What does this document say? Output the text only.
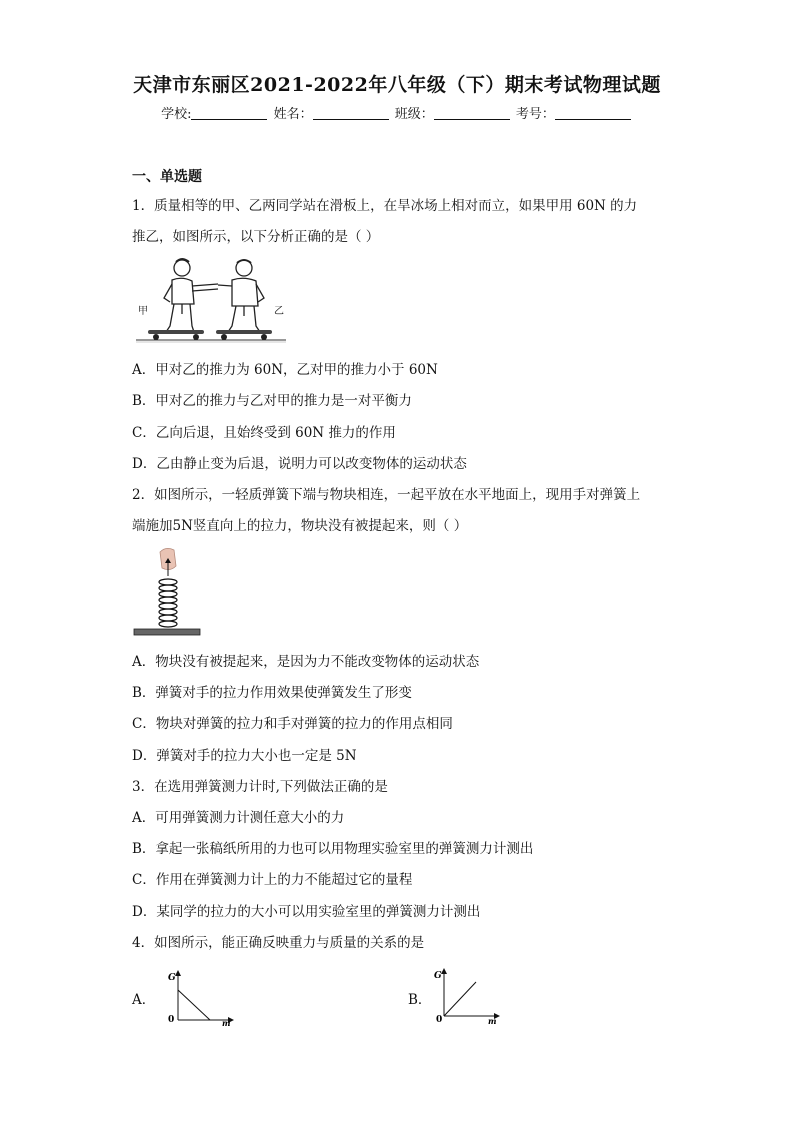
天津市东丽区2021-2022年八年级（下）期末考试物理试题
学校:	姓名：	班级：	考号：
一、单选题
1．质量相等的甲、乙两同学站在滑板上，在旱冰场上相对而立，如果甲用 60N 的力
推乙，如图所示，以下分析正确的是（ ）
甲	乙
A．甲对乙的推力为 60N，乙对甲的推力小于 60N
B．甲对乙的推力与乙对甲的推力是一对平衡力
C．乙向后退，且始终受到 60N 推力的作用
D．乙由静止变为后退，说明力可以改变物体的运动状态
2．如图所示，一轻质弹簧下端与物块相连，一起平放在水平地面上，现用手对弹簧上
端施加5N竖直向上的拉力，物块没有被提起来，则（ ）
A．物块没有被提起来，是因为力不能改变物体的运动状态
B．弹簧对手的拉力作用效果使弹簧发生了形变
C．物块对弹簧的拉力和手对弹簧的拉力的作用点相同
D．弹簧对手的拉力大小也一定是 5N
3．在选用弹簧测力计时,下列做法正确的是
A．可用弹簧测力计测任意大小的力
B．拿起一张稿纸所用的力也可以用物理实验室里的弹簧测力计测出
C．作用在弹簧测力计上的力不能超过它的量程
D．某同学的拉力的大小可以用实验室里的弹簧测力计测出
4．如图所示，能正确反映重力与质量的关系的是
A．
G
0	m
B．
G
0	m
